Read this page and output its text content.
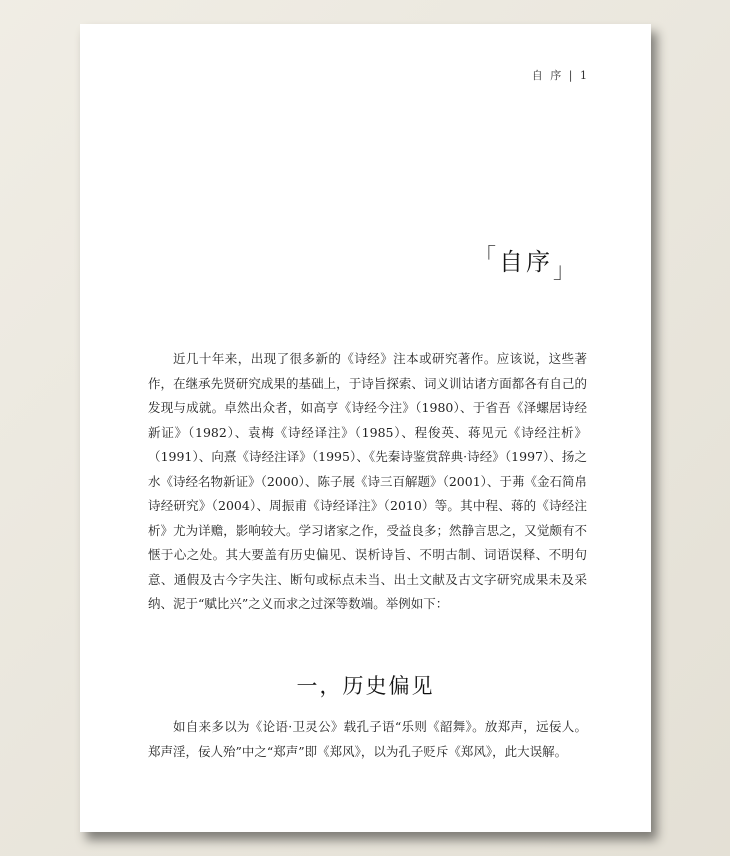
自 序 | 1
「自序」

近几十年来，出现了很多新的《诗经》注本或研究著作。应该说，这些著作，在继承先贤研究成果的基础上，于诗旨探索、词义训诂诸方面都各有自己的发现与成就。卓然出众者，如高亨《诗经今注》（1980）、于省吾《泽螺居诗经新证》（1982）、袁梅《诗经译注》（1985）、程俊英、蒋见元《诗经注析》（1991）、向熹《诗经注译》（1995）、《先秦诗鉴赏辞典·诗经》（1997）、扬之水《诗经名物新证》（2000）、陈子展《诗三百解题》（2001）、于茀《金石简帛诗经研究》（2004）、周振甫《诗经译注》（2010）等。其中程、蒋的《诗经注析》尤为详赡，影响较大。学习诸家之作，受益良多；然静言思之，又觉颇有不惬于心之处。其大要盖有历史偏见、误析诗旨、不明古制、词语误释、不明句意、通假及古今字失注、断句或标点未当、出土文献及古文字研究成果未及采纳、泥于“赋比兴”之义而求之过深等数端。举例如下：

一，历史偏见

如自来多以为《论语·卫灵公》载孔子语“乐则《韶舞》。放郑声，远佞人。郑声淫，佞人殆”中之“郑声”即《郑风》，以为孔子贬斥《郑风》，此大误解。
